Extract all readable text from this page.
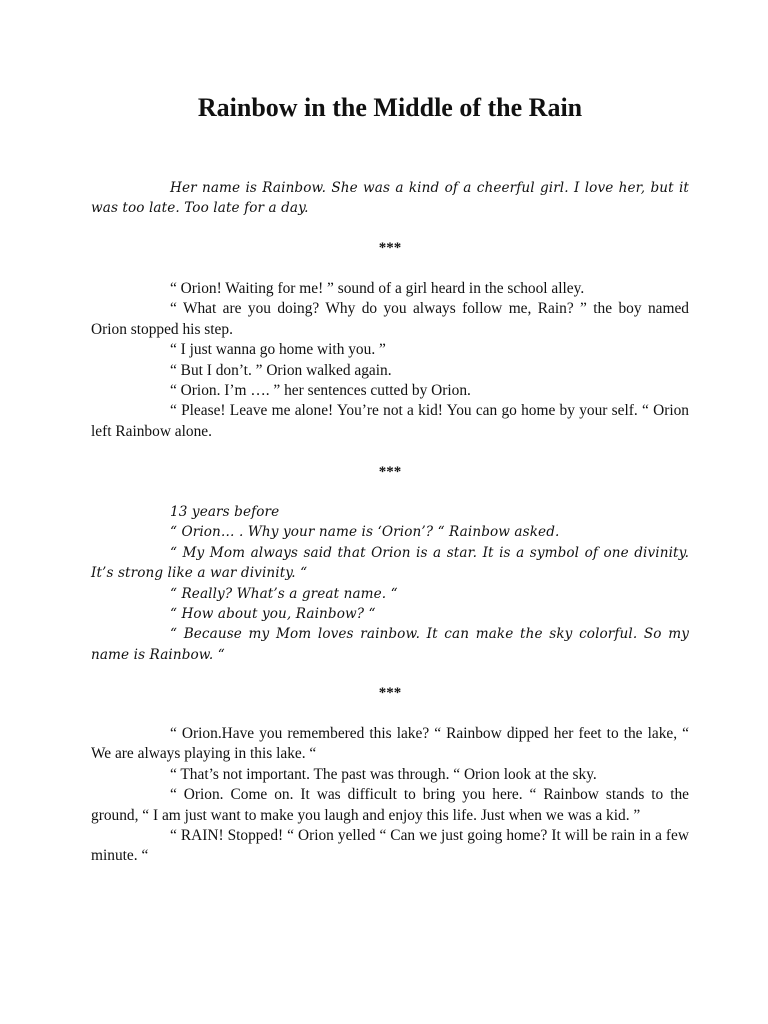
Rainbow in the Middle of the Rain

Her name is Rainbow. She was a kind of a cheerful girl. I love her, but it was too late. Too late for a day.

***

“ Orion! Waiting for me! ” sound of a girl heard in the school alley.

“ What are you doing? Why do you always follow me, Rain? ” the boy named Orion stopped his step.

“ I just wanna go home with you. ”

“ But I don’t. ” Orion walked again.

“ Orion. I’m …. ” her sentences cutted by Orion.

“ Please! Leave me alone! You’re not a kid! You can go home by your self. “ Orion left Rainbow alone.

***

13 years before

“ Orion… . Why your name is ‘Orion’? “ Rainbow asked.

“ My Mom always said that Orion is a star. It is a symbol of one divinity. It’s strong like a war divinity. “

“ Really? What’s a great name. “

“ How about you, Rainbow? “

“ Because my Mom loves rainbow. It can make the sky colorful. So my name is Rainbow. “

***

“ Orion.Have you remembered this lake? “ Rainbow dipped her feet to the lake, “ We are always playing in this lake. “

“ That’s not important. The past was through. “ Orion look at the sky.

“ Orion. Come on. It was difficult to bring you here. “ Rainbow stands to the ground, “ I am just want to make you laugh and enjoy this life. Just when we was a kid. ”

“ RAIN! Stopped! “ Orion yelled “ Can we just going home? It will be rain in a few minute. “
